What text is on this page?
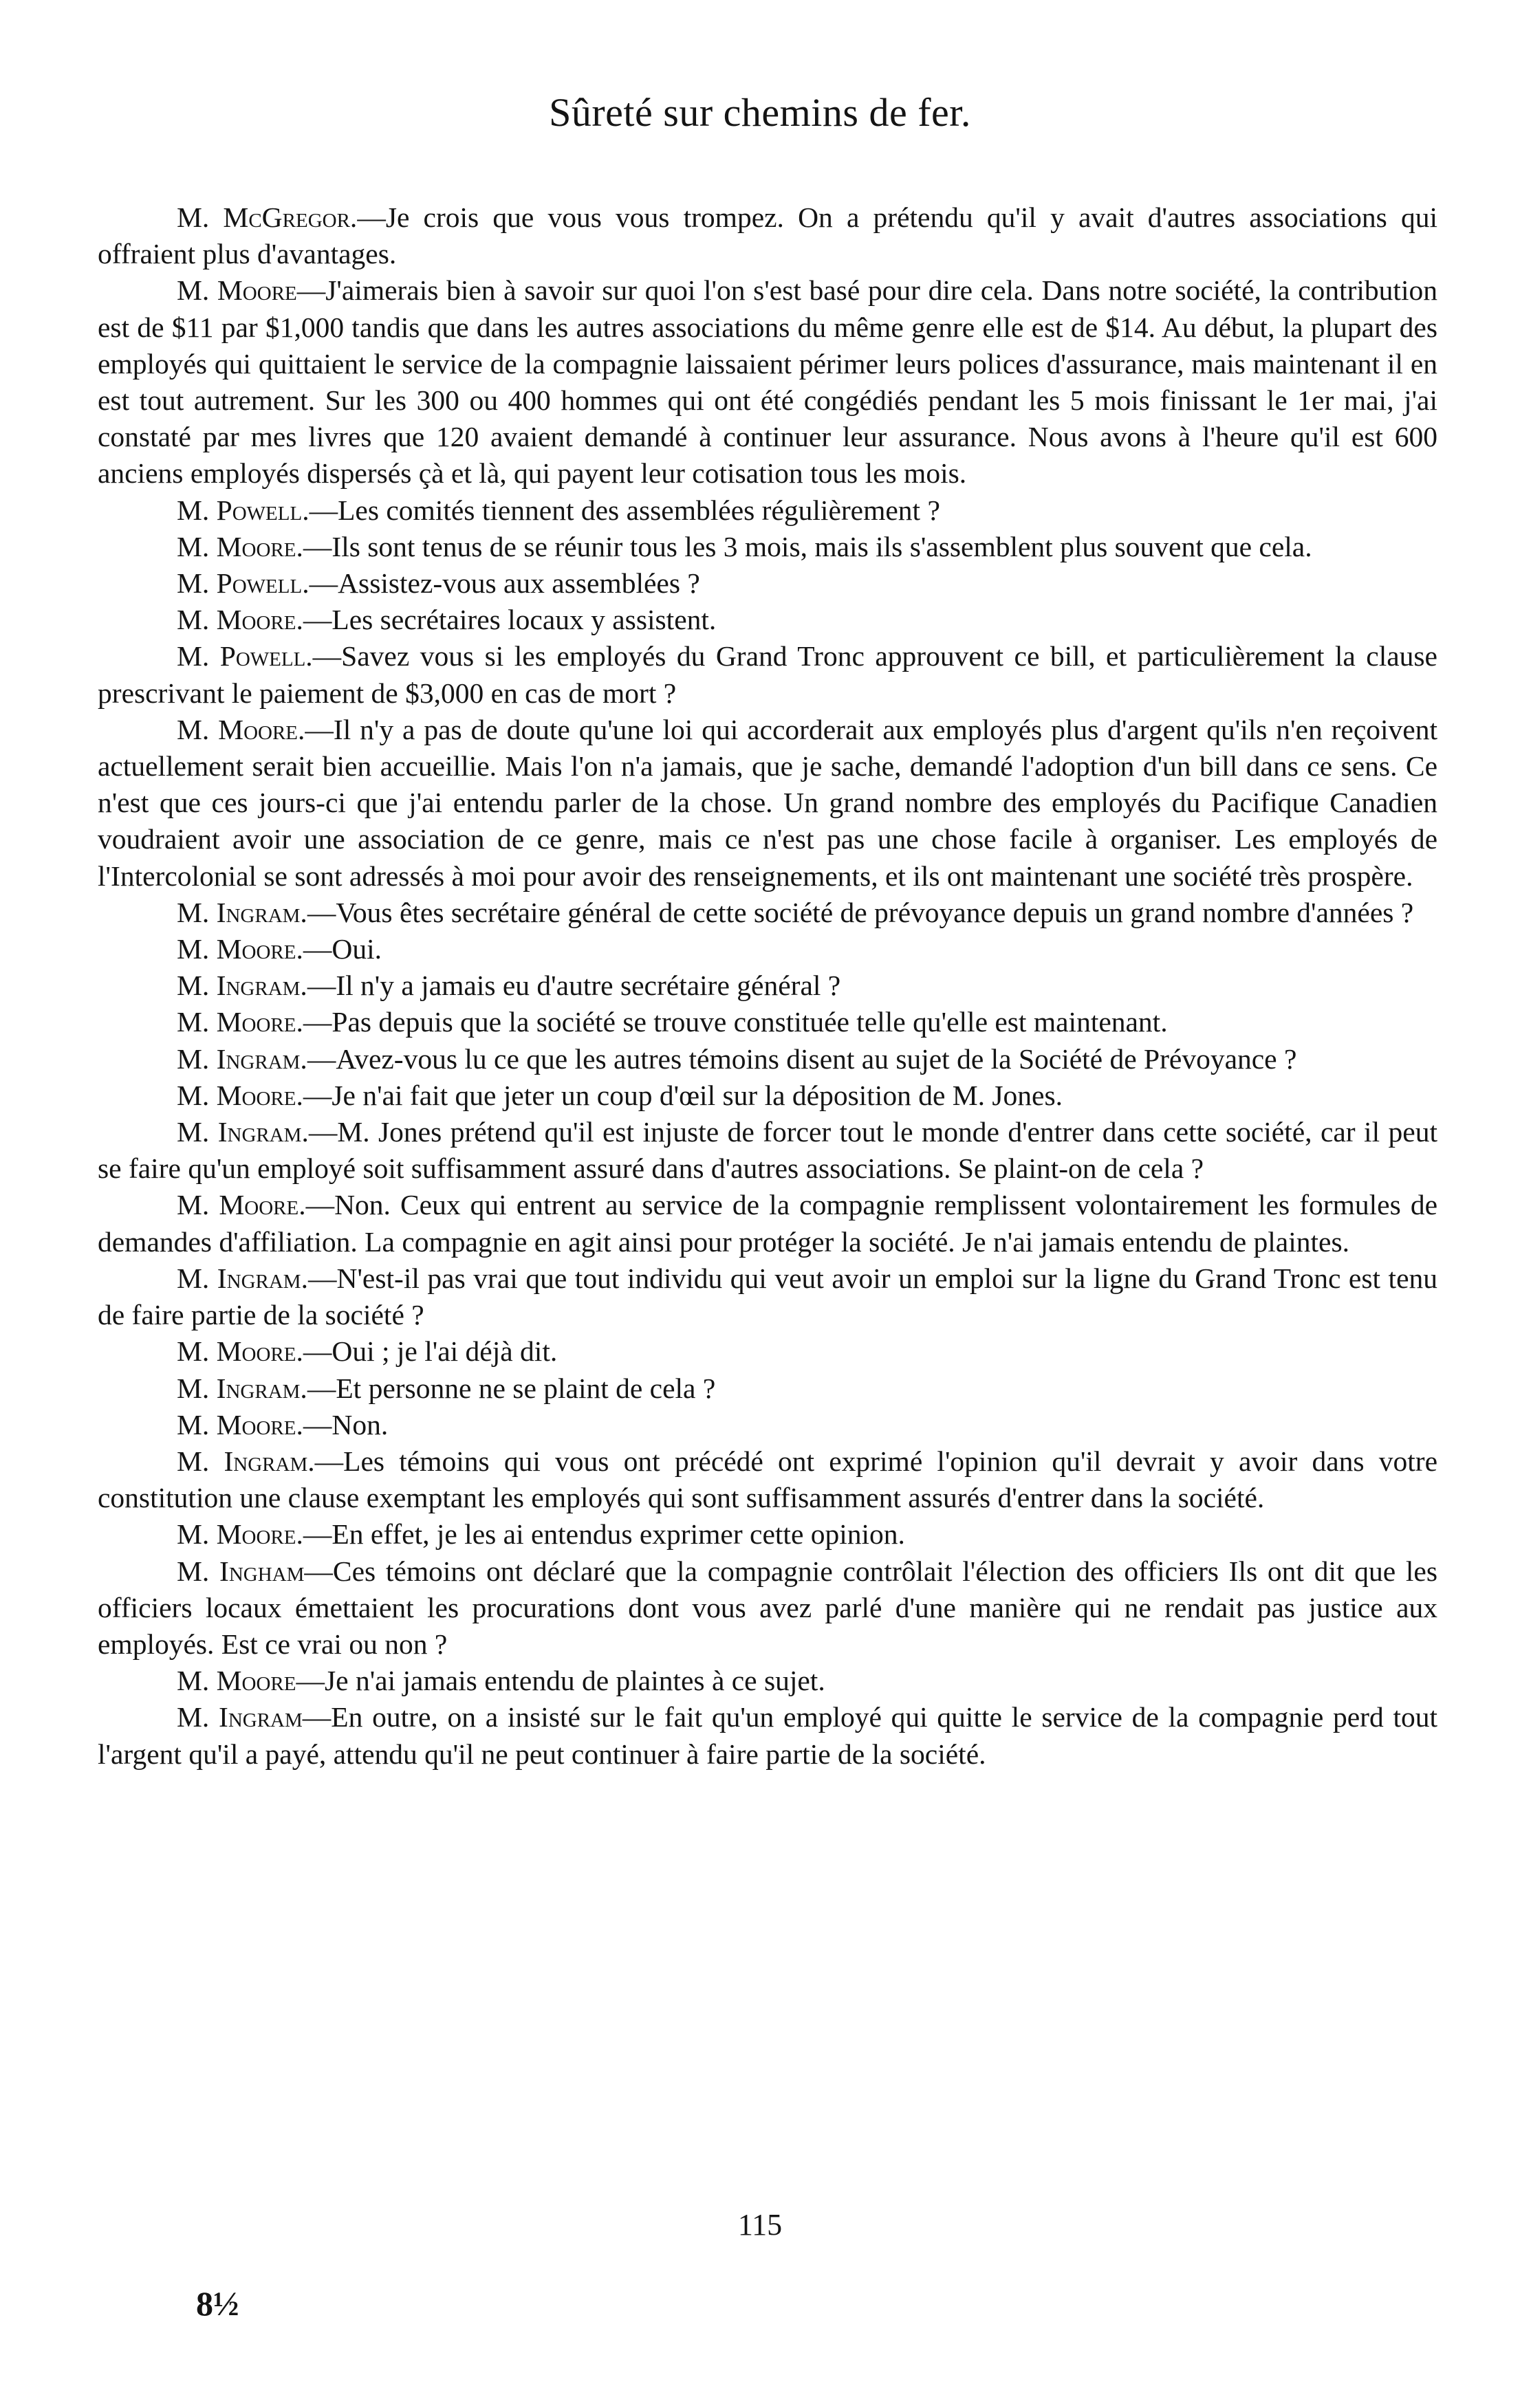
Sûreté sur chemins de fer.

M. McGregor.—Je crois que vous vous trompez. On a prétendu qu'il y avait d'autres associations qui offraient plus d'avantages.

M. Moore—J'aimerais bien à savoir sur quoi l'on s'est basé pour dire cela. Dans notre société, la contribution est de $11 par $1,000 tandis que dans les autres associations du même genre elle est de $14. Au début, la plupart des employés qui quittaient le service de la compagnie laissaient périmer leurs polices d'assurance, mais maintenant il en est tout autrement. Sur les 300 ou 400 hommes qui ont été congédiés pendant les 5 mois finissant le 1er mai, j'ai constaté par mes livres que 120 avaient demandé à continuer leur assurance. Nous avons à l'heure qu'il est 600 anciens employés dispersés çà et là, qui payent leur cotisation tous les mois.

M. Powell.—Les comités tiennent des assemblées régulièrement ?

M. Moore.—Ils sont tenus de se réunir tous les 3 mois, mais ils s'assemblent plus souvent que cela.

M. Powell.—Assistez-vous aux assemblées ?

M. Moore.—Les secrétaires locaux y assistent.

M. Powell.—Savez vous si les employés du Grand Tronc approuvent ce bill, et particulièrement la clause prescrivant le paiement de $3,000 en cas de mort ?

M. Moore.—Il n'y a pas de doute qu'une loi qui accorderait aux employés plus d'argent qu'ils n'en reçoivent actuellement serait bien accueillie. Mais l'on n'a jamais, que je sache, demandé l'adoption d'un bill dans ce sens. Ce n'est que ces jours-ci que j'ai entendu parler de la chose. Un grand nombre des employés du Pacifique Canadien voudraient avoir une association de ce genre, mais ce n'est pas une chose facile à organiser. Les employés de l'Intercolonial se sont adressés à moi pour avoir des renseignements, et ils ont maintenant une société très prospère.

M. Ingram.—Vous êtes secrétaire général de cette société de prévoyance depuis un grand nombre d'années ?

M. Moore.—Oui.

M. Ingram.—Il n'y a jamais eu d'autre secrétaire général ?

M. Moore.—Pas depuis que la société se trouve constituée telle qu'elle est maintenant.

M. Ingram.—Avez-vous lu ce que les autres témoins disent au sujet de la Société de Prévoyance ?

M. Moore.—Je n'ai fait que jeter un coup d'œil sur la déposition de M. Jones.

M. Ingram.—M. Jones prétend qu'il est injuste de forcer tout le monde d'entrer dans cette société, car il peut se faire qu'un employé soit suffisamment assuré dans d'autres associations. Se plaint-on de cela ?

M. Moore.—Non. Ceux qui entrent au service de la compagnie remplissent volontairement les formules de demandes d'affiliation. La compagnie en agit ainsi pour protéger la société. Je n'ai jamais entendu de plaintes.

M. Ingram.—N'est-il pas vrai que tout individu qui veut avoir un emploi sur la ligne du Grand Tronc est tenu de faire partie de la société ?

M. Moore.—Oui ; je l'ai déjà dit.

M. Ingram.—Et personne ne se plaint de cela ?

M. Moore.—Non.

M. Ingram.—Les témoins qui vous ont précédé ont exprimé l'opinion qu'il devrait y avoir dans votre constitution une clause exemptant les employés qui sont suffisamment assurés d'entrer dans la société.

M. Moore.—En effet, je les ai entendus exprimer cette opinion.

M. Ingham—Ces témoins ont déclaré que la compagnie contrôlait l'élection des officiers Ils ont dit que les officiers locaux émettaient les procurations dont vous avez parlé d'une manière qui ne rendait pas justice aux employés. Est ce vrai ou non ?

M. Moore—Je n'ai jamais entendu de plaintes à ce sujet.

M. Ingram—En outre, on a insisté sur le fait qu'un employé qui quitte le service de la compagnie perd tout l'argent qu'il a payé, attendu qu'il ne peut continuer à faire partie de la société.

115
8½
